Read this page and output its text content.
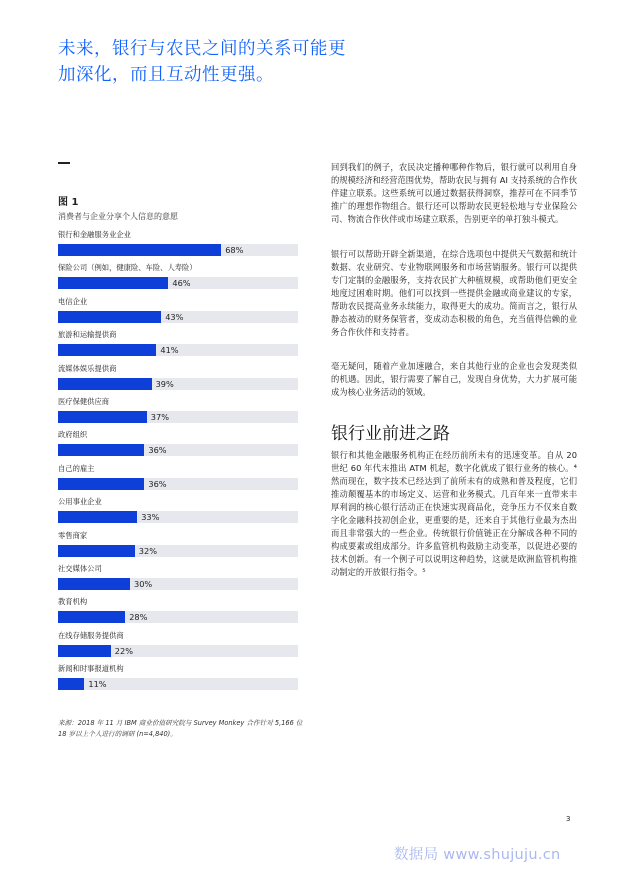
未来，银行与农民之间的关系可能更加深化，而且互动性更强。
图 1
消费者与企业分享个人信息的意愿
银行和金融服务业企业
68%
保险公司（例如，健康险、车险、人寿险）
46%
电信企业
43%
旅游和运输提供商
41%
流媒体娱乐提供商
39%
医疗保健供应商
37%
政府组织
36%
自己的雇主
36%
公用事业企业
33%
零售商家
32%
社交媒体公司
30%
教育机构
28%
在线存储服务提供商
22%
新闻和时事报道机构
11%
来源：2018 年 11 月 IBM 商业价值研究院与 Survey Monkey 合作针对 5,166 位 18 岁以上个人进行的调研 (n=4,840)。
回到我们的例子，农民决定播种哪种作物后，银行就可以利用自身的规模经济和经营范围优势，帮助农民与拥有 AI 支持系统的合作伙伴建立联系。这些系统可以通过数据获得洞察，推荐可在不同季节推广的理想作物组合。银行还可以帮助农民更轻松地与专业保险公司、物流合作伙伴或市场建立联系，告别更辛的单打独斗模式。
银行可以帮助开辟全新渠道，在综合选项包中提供天气数据和统计数据、农业研究、专业物联网服务和市场营销服务。银行可以提供专门定制的金融服务，支持农民扩大种植规模，或帮助他们更安全地度过困难时期。他们可以找到一些提供金融或商业建议的专家，帮助农民提高业务永续能力，取得更大的成功。简而言之，银行从静态被动的财务保管者，变成动态积极的角色，充当值得信赖的业务合作伙伴和支持者。
毫无疑问，随着产业加速融合，来自其他行业的企业也会发现类似的机遇。因此，银行需要了解自己，发现自身优势，大力扩展可能成为核心业务活动的领域。
银行业前进之路
银行和其他金融服务机构正在经历前所未有的迅速变革。自从 20 世纪 60 年代末推出 ATM 机起，数字化就成了银行业务的核心。⁴ 然而现在，数字技术已经达到了前所未有的成熟和普及程度，它们推动颠覆基本的市场定义、运营和业务模式。几百年来一直带来丰厚利润的核心银行活动正在快速实现商品化，竞争压力不仅来自数字化金融科技初创企业，更重要的是，还来自于其他行业最为杰出而且非常强大的一些企业。传统银行价值链正在分解成各种不同的构成要素或组成部分。许多监管机构鼓励主动变革，以促进必要的技术创新。有一个例子可以说明这种趋势，这就是欧洲监管机构推动制定的开放银行指令。⁵
3
数据局 www.shujuju.cn
